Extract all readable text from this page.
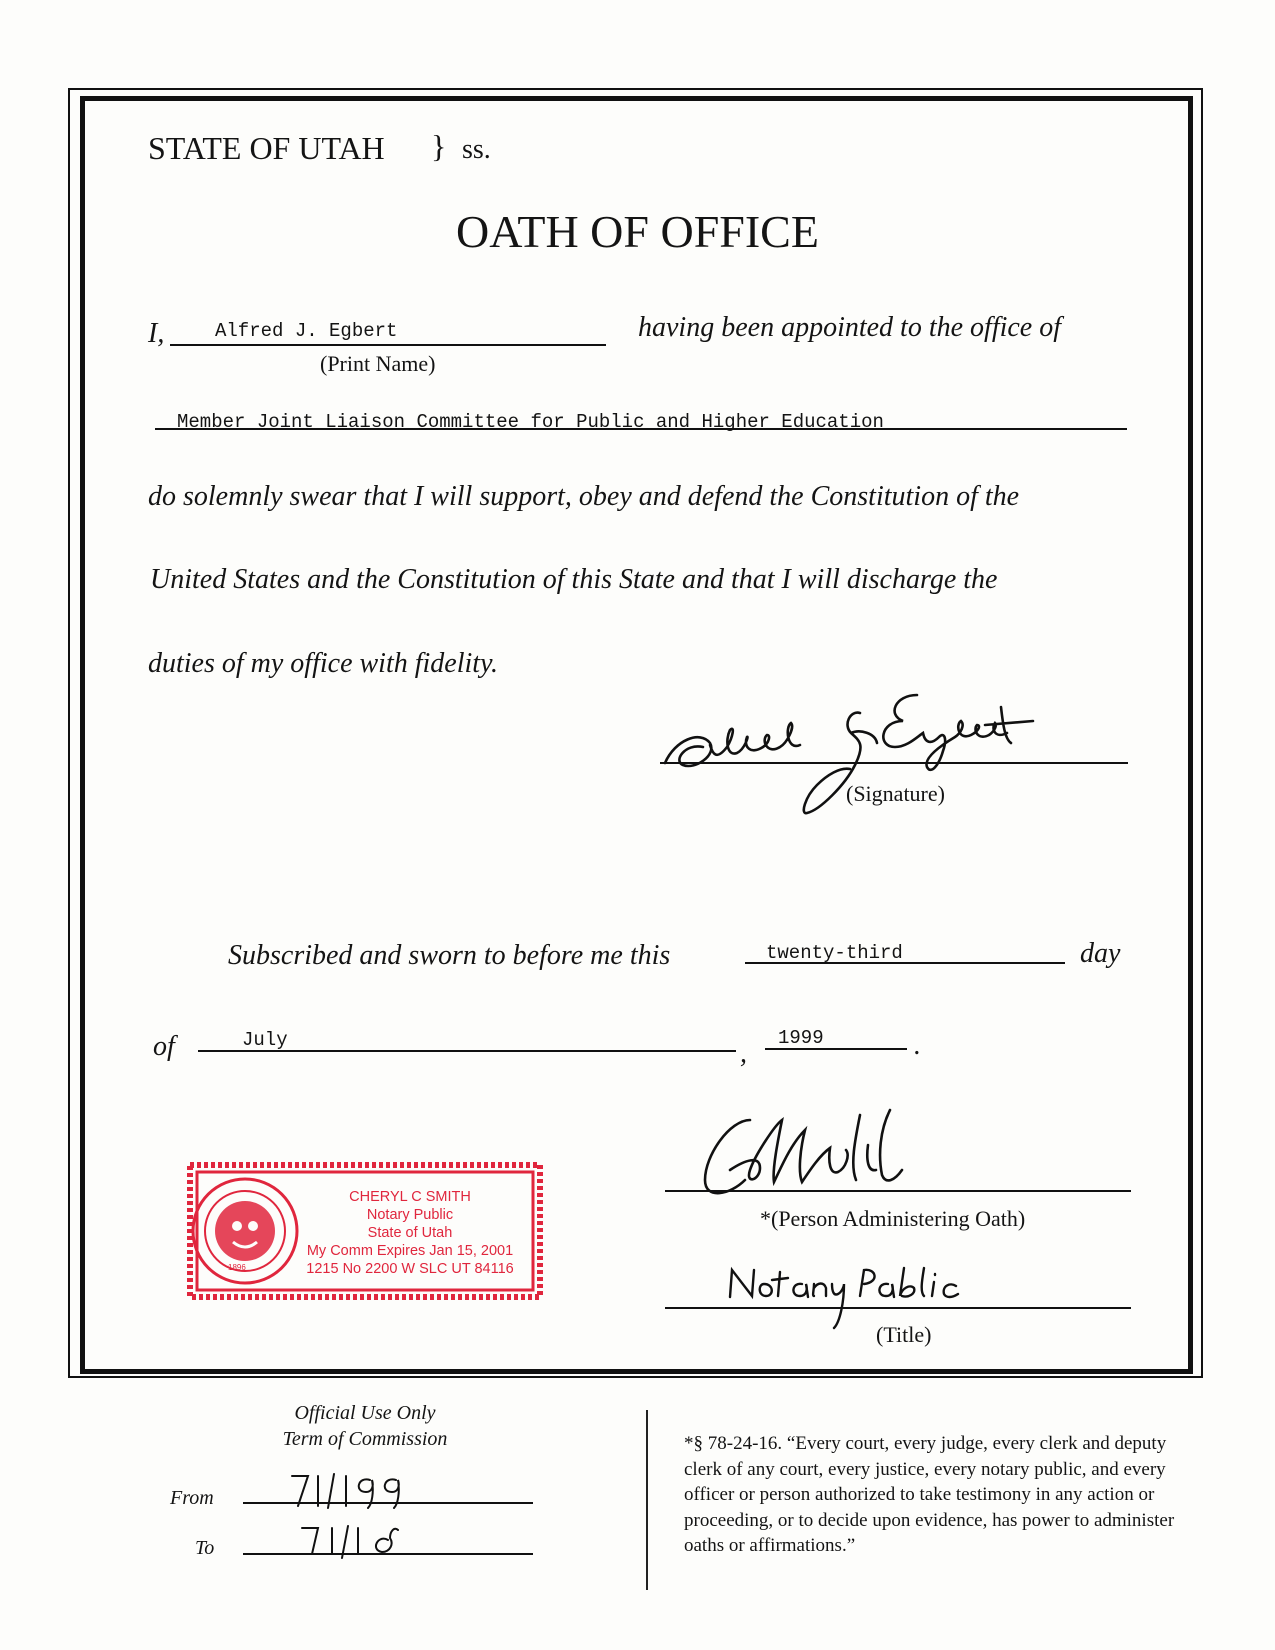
STATE OF UTAH } ss.
OATH OF OFFICE
I,	Alfred J. Egbert
(Print Name)
having been appointed to the office of
Member Joint Liaison Committee for Public and Higher Education
do solemnly swear that I will support, obey and defend the Constitution of the
United States and the Constitution of this State and that I will discharge the
duties of my office with fidelity.
(Signature)
Subscribed and sworn to before me this	twenty-third	day
of	July	, 1999	.
*(Person Administering Oath)
(Title)
CHERYL C SMITH
Notary Public
State of Utah
My Comm Expires Jan 15, 2001
1215 No 2200 W SLC UT 84116
1896
Official Use Only
Term of Commission
From
To
*§ 78-24-16. “Every court, every judge, every clerk and deputy clerk of any court, every justice, every notary public, and every officer or person authorized to take testimony in any action or proceeding, or to decide upon evidence, has power to administer oaths or affirmations.”
